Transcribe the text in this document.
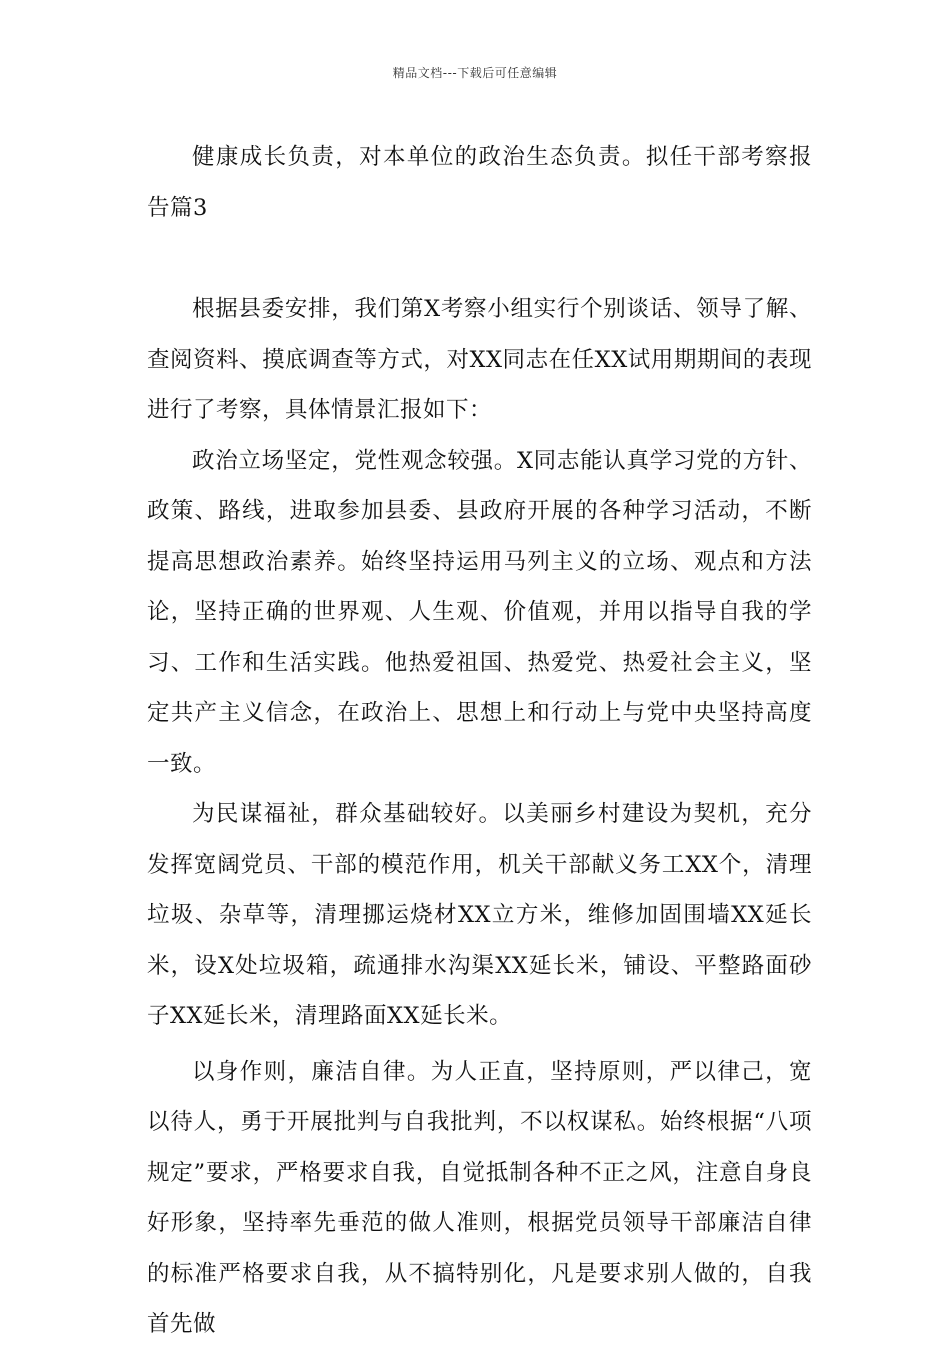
精品文档---下载后可任意编辑

健康成长负责，对本单位的政治生态负责。拟任干部考察报告篇3

根据县委安排，我们第X考察小组实行个别谈话、领导了解、查阅资料、摸底调查等方式，对XX同志在任XX试用期期间的表现进行了考察，具体情景汇报如下：

政治立场坚定，党性观念较强。X同志能认真学习党的方针、政策、路线，进取参加县委、县政府开展的各种学习活动，不断提高思想政治素养。始终坚持运用马列主义的立场、观点和方法论，坚持正确的世界观、人生观、价值观，并用以指导自我的学习、工作和生活实践。他热爱祖国、热爱党、热爱社会主义，坚定共产主义信念，在政治上、思想上和行动上与党中央坚持高度一致。

为民谋福祉，群众基础较好。以美丽乡村建设为契机，充分发挥宽阔党员、干部的模范作用，机关干部献义务工XX个，清理垃圾、杂草等，清理挪运烧材XX立方米，维修加固围墙XX延长米，设X处垃圾箱，疏通排水沟渠XX延长米，铺设、平整路面砂子XX延长米，清理路面XX延长米。

以身作则，廉洁自律。为人正直，坚持原则，严以律己，宽以待人，勇于开展批判与自我批判，不以权谋私。始终根据“八项规定”要求，严格要求自我，自觉抵制各种不正之风，注意自身良好形象，坚持率先垂范的做人准则，根据党员领导干部廉洁自律的标准严格要求自我，从不搞特别化，凡是要求别人做的，自我首先做
